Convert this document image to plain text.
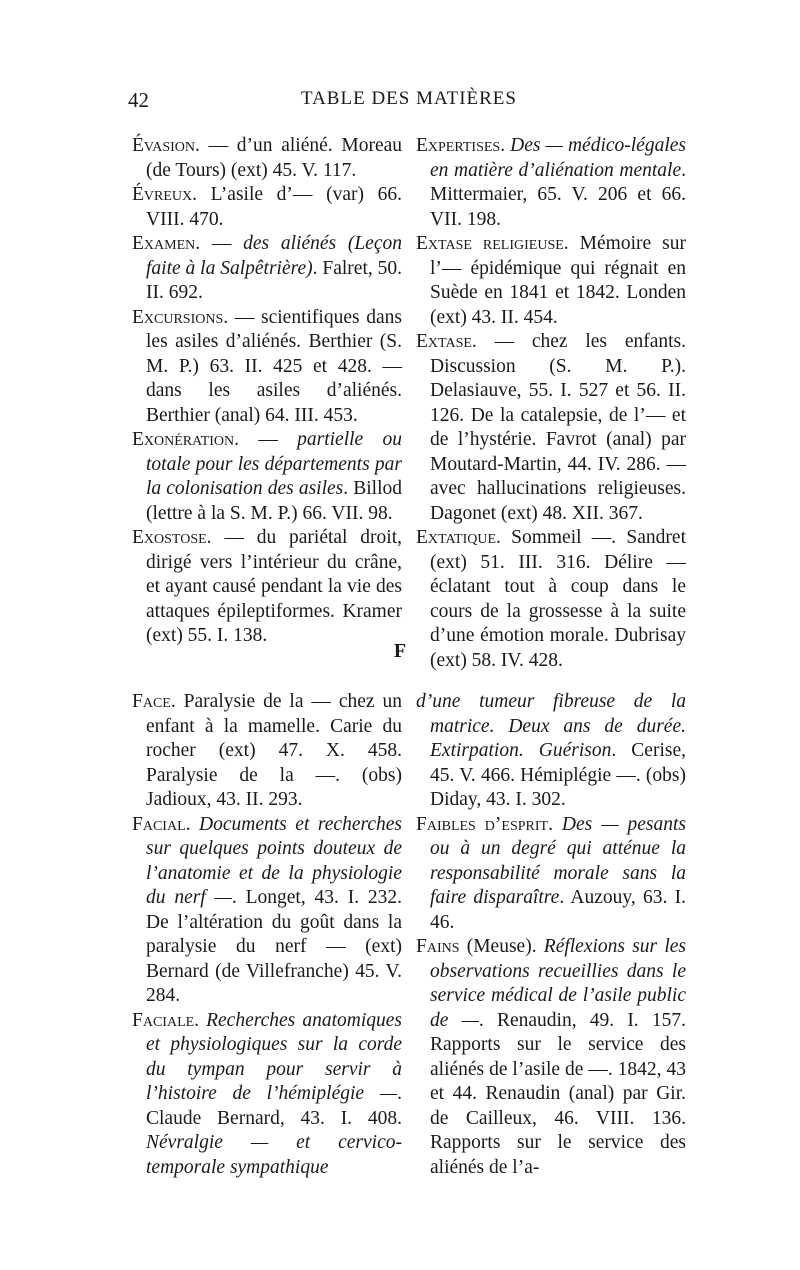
42	TABLE DES MATIÈRES

Évasion. — d’un aliéné. Moreau (de Tours) (ext) 45. V. 117.

Évreux. L’asile d’— (var) 66. VIII. 470.

Examen. — des aliénés (Leçon faite à la Salpêtrière). Falret, 50. II. 692.

Excursions. — scientifiques dans les asiles d’aliénés. Berthier (S. M. P.) 63. II. 425 et 428. — dans les asiles d’aliénés. Berthier (anal) 64. III. 453.

Exonération. — partielle ou totale pour les départements par la colonisation des asiles. Billod (lettre à la S. M. P.) 66. VII. 98.

Exostose. — du pariétal droit, dirigé vers l’intérieur du crâne, et ayant causé pendant la vie des attaques épileptiformes. Kramer (ext) 55. I. 138.

Expertises. Des — médico-légales en matière d’aliénation mentale. Mittermaier, 65. V. 206 et 66. VII. 198.

Extase religieuse. Mémoire sur l’— épidémique qui régnait en Suède en 1841 et 1842. Londen (ext) 43. II. 454.

Extase. — chez les enfants. Discussion (S. M. P.). Delasiauve, 55. I. 527 et 56. II. 126. De la catalepsie, de l’— et de l’hystérie. Favrot (anal) par Moutard-Martin, 44. IV. 286. — avec hallucinations religieuses. Dagonet (ext) 48. XII. 367.

Extatique. Sommeil —. Sandret (ext) 51. III. 316. Délire — éclatant tout à coup dans le cours de la grossesse à la suite d’une émotion morale. Dubrisay (ext) 58. IV. 428.

F

Face. Paralysie de la — chez un enfant à la mamelle. Carie du rocher (ext) 47. X. 458. Paralysie de la —. (obs) Jadioux, 43. II. 293.

Facial. Documents et recherches sur quelques points douteux de l’anatomie et de la physiologie du nerf —. Longet, 43. I. 232. De l’altération du goût dans la paralysie du nerf — (ext) Bernard (de Villefranche) 45. V. 284.

Faciale. Recherches anatomiques et physiologiques sur la corde du tympan pour servir à l’histoire de l’hémiplégie —. Claude Bernard, 43. I. 408. Névralgie — et cervico-temporale sympathique

d’une tumeur fibreuse de la matrice. Deux ans de durée. Extirpation. Guérison. Cerise, 45. V. 466. Hémiplégie —. (obs) Diday, 43. I. 302.

Faibles d’esprit. Des — pesants ou à un degré qui atténue la responsabilité morale sans la faire disparaître. Auzouy, 63. I. 46.

Fains (Meuse). Réflexions sur les observations recueillies dans le service médical de l’asile public de —. Renaudin, 49. I. 157. Rapports sur le service des aliénés de l’asile de —. 1842, 43 et 44. Renaudin (anal) par Gir. de Cailleux, 46. VIII. 136. Rapports sur le service des aliénés de l’a-
